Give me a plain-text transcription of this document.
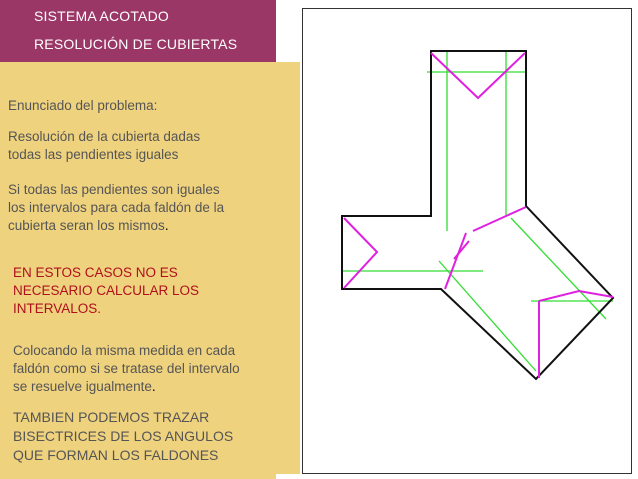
SISTEMA ACOTADO
RESOLUCIÓN DE CUBIERTAS

Enunciado del problema:

Resolución de la cubierta dadas

todas las pendientes iguales

Si todas las pendientes son iguales

los intervalos para cada faldón de la

cubierta seran los mismos.

EN ESTOS CASOS NO ES

NECESARIO CALCULAR LOS

INTERVALOS.

Colocando la misma medida en cada

faldón como si se tratase del intervalo

se resuelve igualmente.

TAMBIEN PODEMOS TRAZAR

BISECTRICES DE LOS ANGULOS

QUE FORMAN LOS FALDONES
